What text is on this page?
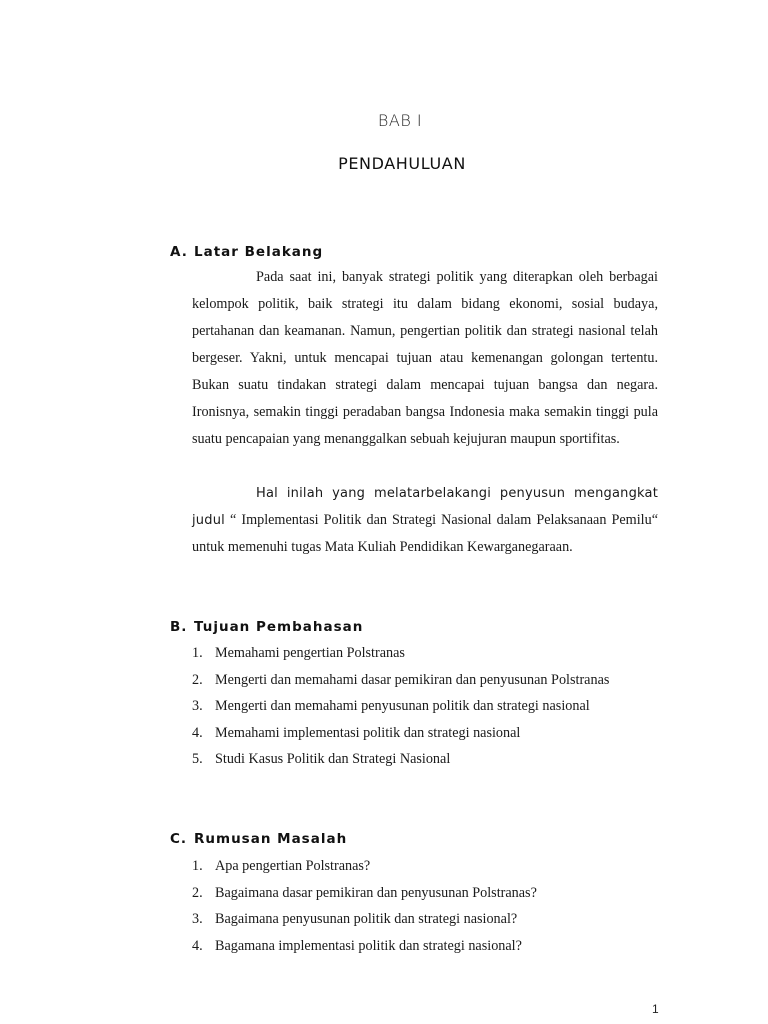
BAB I
PENDAHULUAN
A. Latar Belakang
Pada saat ini, banyak strategi politik yang diterapkan oleh berbagai kelompok politik, baik strategi itu dalam bidang ekonomi, sosial budaya, pertahanan dan keamanan. Namun, pengertian politik dan strategi nasional telah bergeser. Yakni, untuk mencapai tujuan atau kemenangan golongan tertentu. Bukan suatu tindakan strategi dalam mencapai tujuan bangsa dan negara. Ironisnya, semakin tinggi peradaban bangsa Indonesia maka semakin tinggi pula suatu pencapaian yang menanggalkan sebuah kejujuran maupun sportifitas.
Hal inilah yang melatarbelakangi penyusun mengangkat judul “ Implementasi Politik dan Strategi Nasional dalam Pelaksanaan Pemilu“ untuk memenuhi tugas Mata Kuliah Pendidikan Kewarganegaraan.
B. Tujuan Pembahasan
1. Memahami pengertian Polstranas
2. Mengerti dan memahami dasar pemikiran dan penyusunan Polstranas
3. Mengerti dan memahami penyusunan politik dan strategi nasional
4. Memahami implementasi politik dan strategi nasional
5. Studi Kasus Politik dan Strategi Nasional
C. Rumusan Masalah
1. Apa pengertian Polstranas?
2. Bagaimana dasar pemikiran dan penyusunan Polstranas?
3. Bagaimana penyusunan politik dan strategi nasional?
4. Bagamana implementasi politik dan strategi nasional?
1
